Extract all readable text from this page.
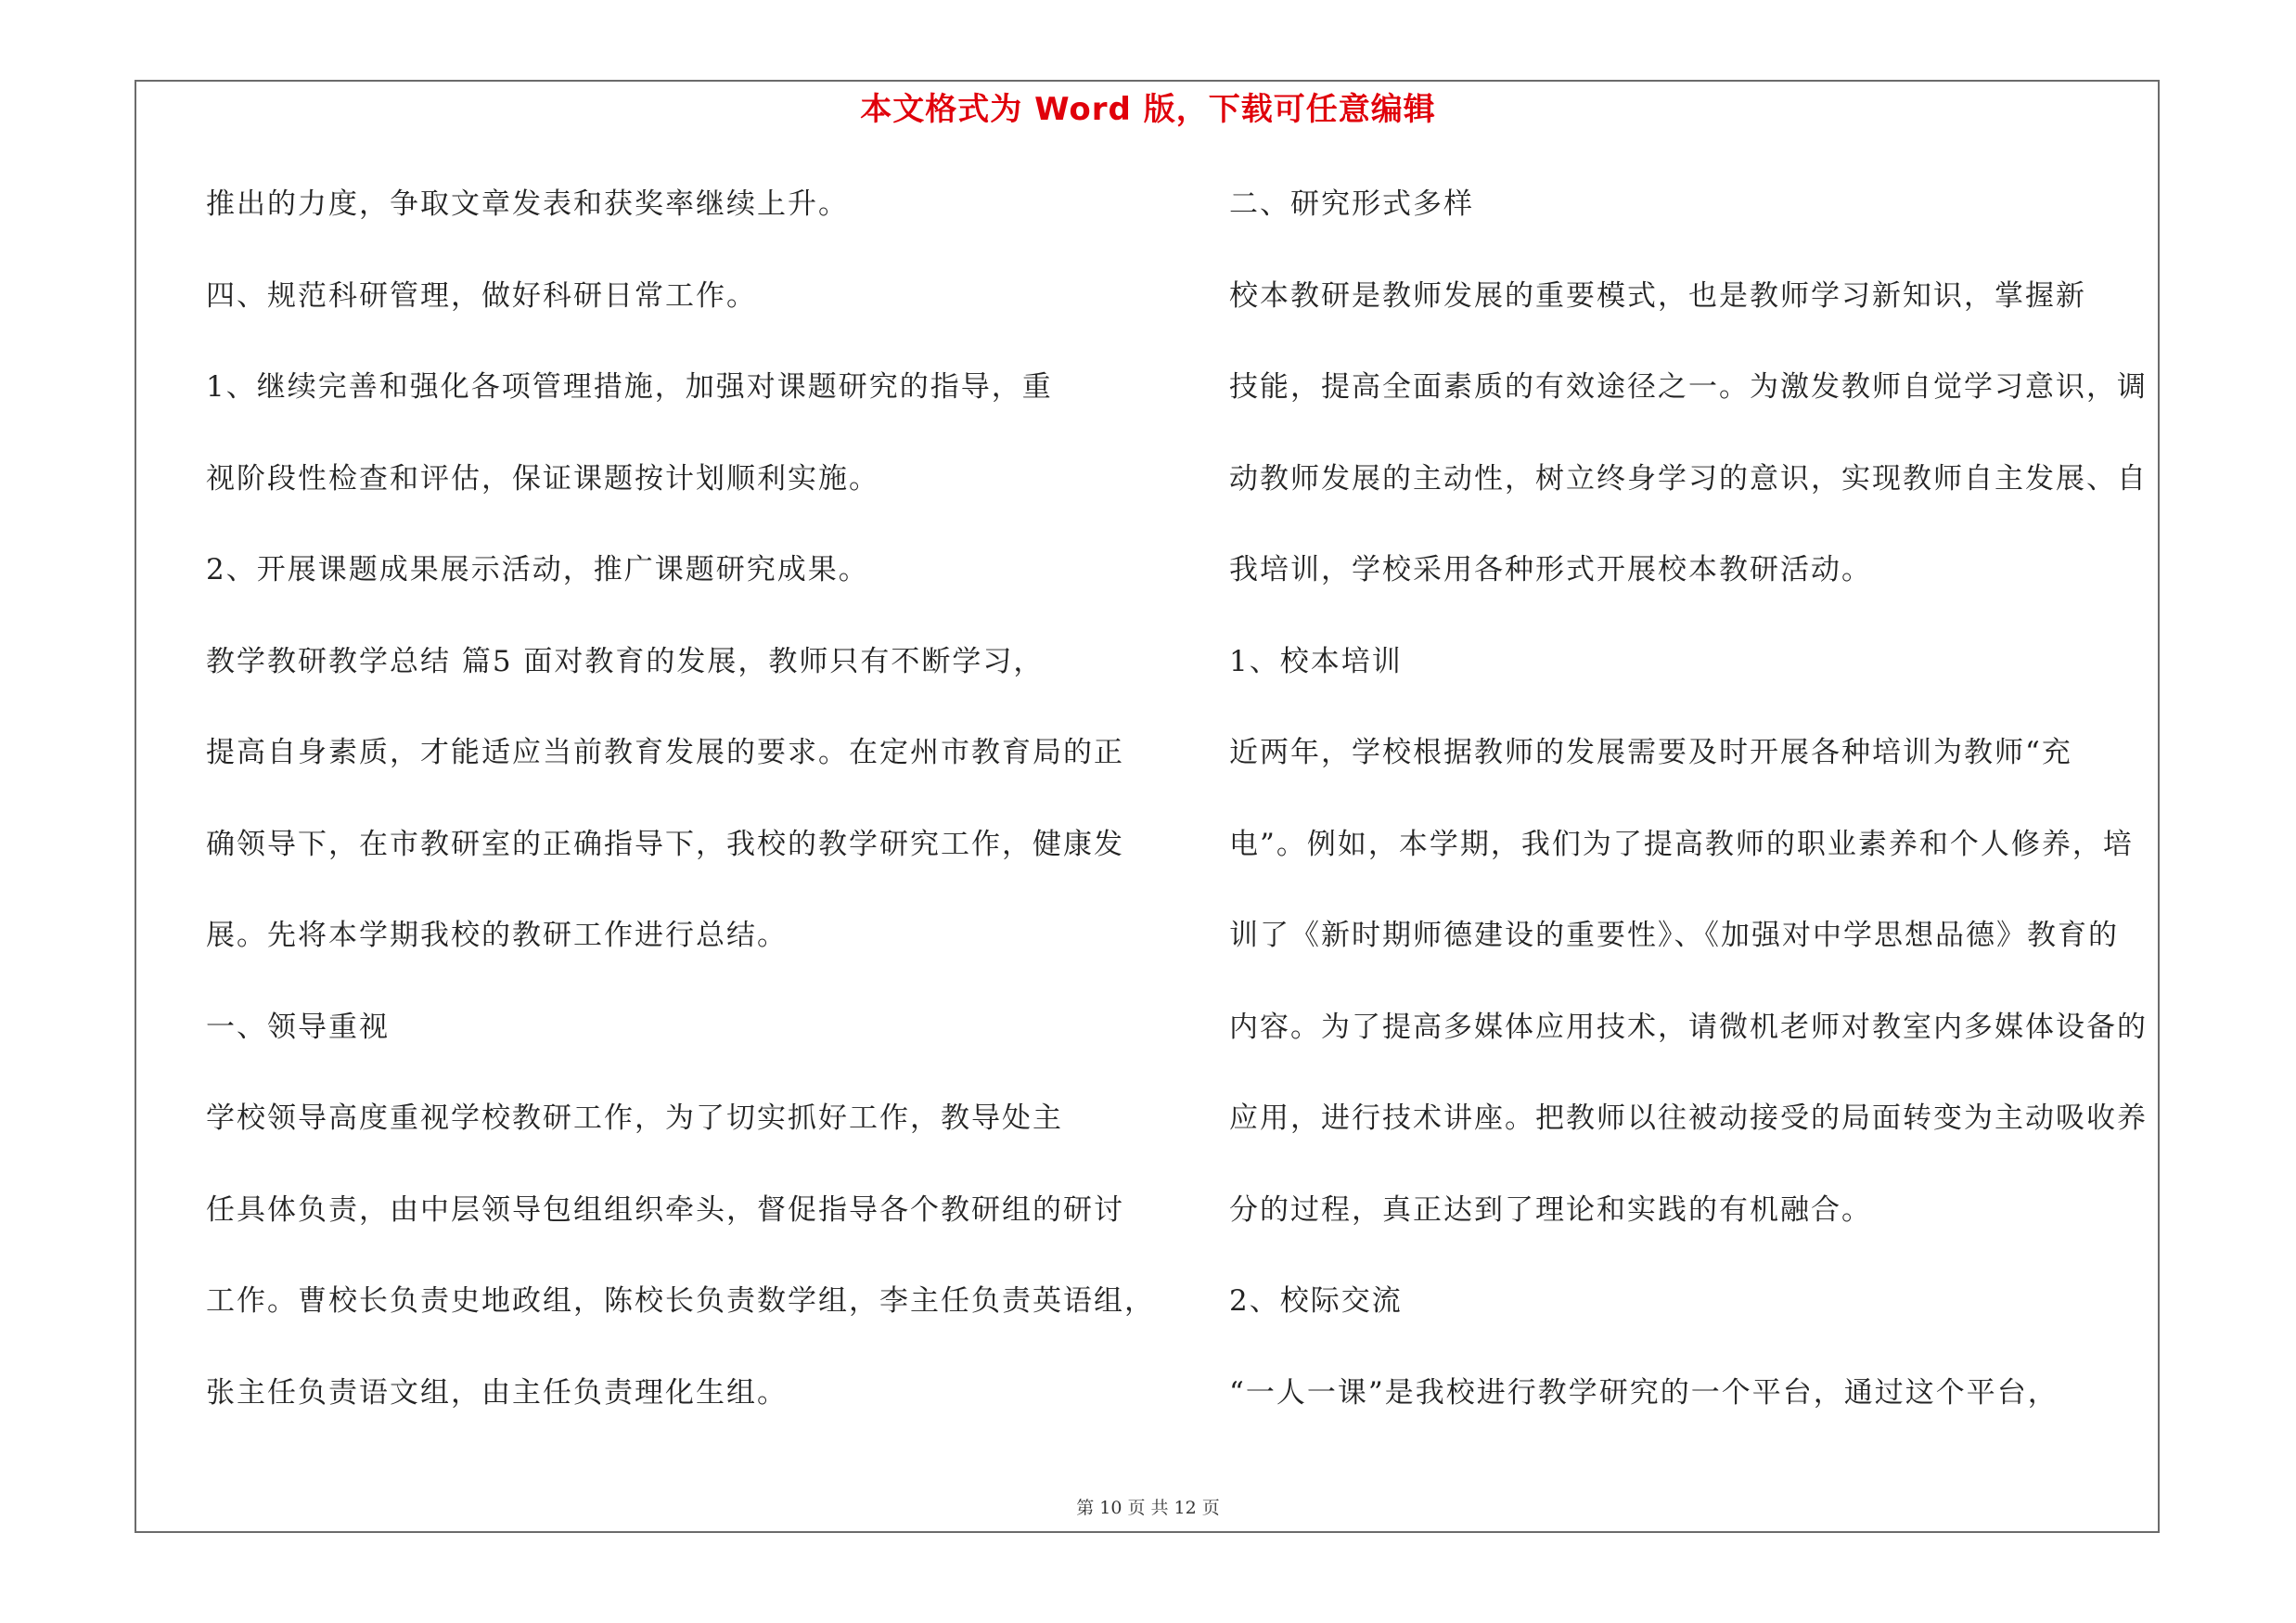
本文格式为 Word 版，下载可任意编辑
推出的力度，争取文章发表和获奖率继续上升。
四、规范科研管理，做好科研日常工作。
1、继续完善和强化各项管理措施，加强对课题研究的指导，重
视阶段性检查和评估，保证课题按计划顺利实施。
2、开展课题成果展示活动，推广课题研究成果。
教学教研教学总结 篇5 面对教育的发展，教师只有不断学习，
提高自身素质，才能适应当前教育发展的要求。在定州市教育局的正
确领导下，在市教研室的正确指导下，我校的教学研究工作，健康发
展。先将本学期我校的教研工作进行总结。
一、领导重视
学校领导高度重视学校教研工作，为了切实抓好工作，教导处主
任具体负责，由中层领导包组组织牵头，督促指导各个教研组的研讨
工作。曹校长负责史地政组，陈校长负责数学组，李主任负责英语组，
张主任负责语文组，由主任负责理化生组。
二、研究形式多样
校本教研是教师发展的重要模式，也是教师学习新知识，掌握新
技能，提高全面素质的有效途径之一。为激发教师自觉学习意识，调
动教师发展的主动性，树立终身学习的意识，实现教师自主发展、自
我培训，学校采用各种形式开展校本教研活动。
1、校本培训
近两年，学校根据教师的发展需要及时开展各种培训为教师“充
电”。例如，本学期，我们为了提高教师的职业素养和个人修养，培
训了《新时期师德建设的重要性》、《加强对中学思想品德》教育的
内容。为了提高多媒体应用技术，请微机老师对教室内多媒体设备的
应用，进行技术讲座。把教师以往被动接受的局面转变为主动吸收养
分的过程，真正达到了理论和实践的有机融合。
2、校际交流
“一人一课”是我校进行教学研究的一个平台，通过这个平台，
第 10 页 共 12 页
